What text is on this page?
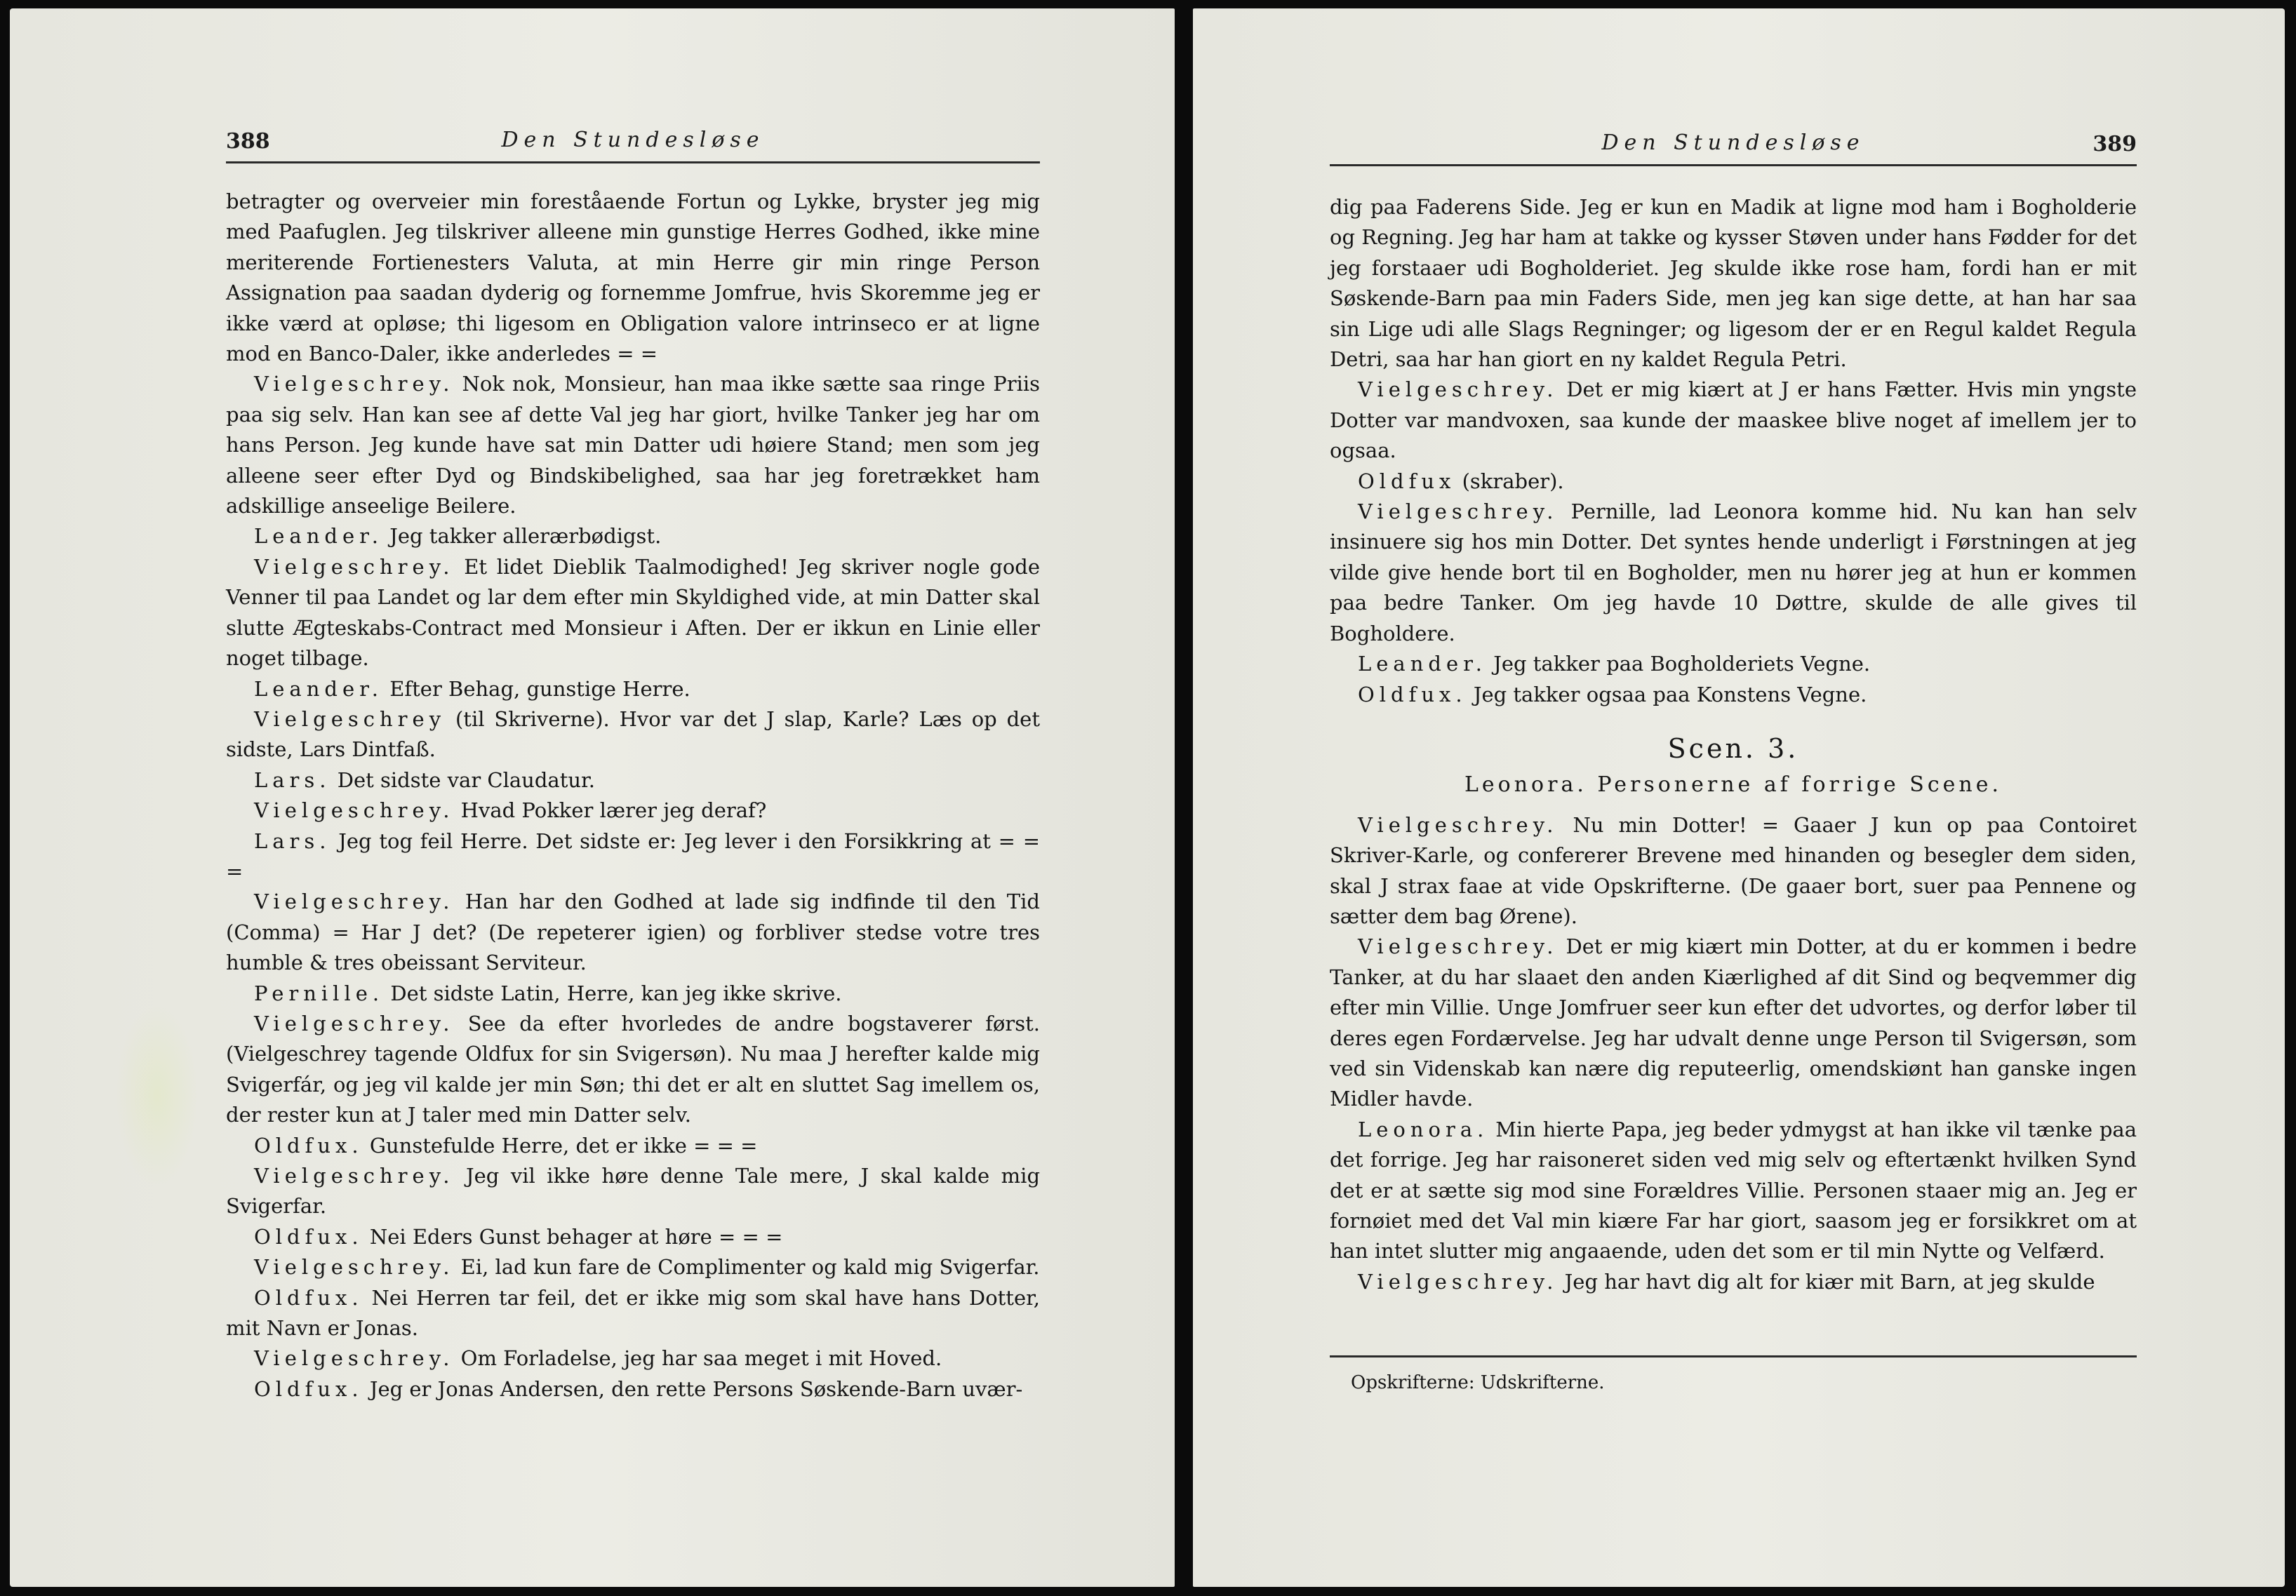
388	Den Stundesløse

betragter og overveier min foreståaende Fortun og Lykke, bryster jeg mig med Paafuglen. Jeg tilskriver alleene min gunstige Herres Godhed, ikke mine meriterende Fortienesters Valuta, at min Herre gir min ringe Person Assignation paa saadan dyderig og fornemme Jomfrue, hvis Skoremme jeg er ikke værd at opløse; thi ligesom en Obligation valore intrinseco er at ligne mod en Banco-Daler, ikke anderledes = =

Vielgeschrey. Nok nok, Monsieur, han maa ikke sætte saa ringe Priis paa sig selv. Han kan see af dette Val jeg har giort, hvilke Tanker jeg har om hans Person. Jeg kunde have sat min Datter udi høiere Stand; men som jeg alleene seer efter Dyd og Bindskibelighed, saa har jeg foretrækket ham adskillige anseelige Beilere.

Leander. Jeg takker allerærbødigst.

Vielgeschrey. Et lidet Dieblik Taalmodighed! Jeg skriver nogle gode Venner til paa Landet og lar dem efter min Skyldighed vide, at min Datter skal slutte Ægteskabs-Contract med Monsieur i Aften. Der er ikkun en Linie eller noget tilbage.

Leander. Efter Behag, gunstige Herre.

Vielgeschrey (til Skriverne). Hvor var det J slap, Karle? Læs op det sidste, Lars Dintfaß.

Lars. Det sidste var Claudatur.

Vielgeschrey. Hvad Pokker lærer jeg deraf?

Lars. Jeg tog feil Herre. Det sidste er: Jeg lever i den Forsikkring at = = =

Vielgeschrey. Han har den Godhed at lade sig indfinde til den Tid (Comma) = Har J det? (De repeterer igien) og forbliver stedse votre tres humble & tres obeissant Serviteur.

Pernille. Det sidste Latin, Herre, kan jeg ikke skrive.

Vielgeschrey. See da efter hvorledes de andre bogstaverer først. (Vielgeschrey tagende Oldfux for sin Svigersøn). Nu maa J herefter kalde mig Svigerfár, og jeg vil kalde jer min Søn; thi det er alt en sluttet Sag imellem os, der rester kun at J taler med min Datter selv.

Oldfux. Gunstefulde Herre, det er ikke = = =

Vielgeschrey. Jeg vil ikke høre denne Tale mere, J skal kalde mig Svigerfar.

Oldfux. Nei Eders Gunst behager at høre = = =

Vielgeschrey. Ei, lad kun fare de Complimenter og kald mig Svigerfar.

Oldfux. Nei Herren tar feil, det er ikke mig som skal have hans Dotter, mit Navn er Jonas.

Vielgeschrey. Om Forladelse, jeg har saa meget i mit Hoved.

Oldfux. Jeg er Jonas Andersen, den rette Persons Søskende-Barn uvær-

Den Stundesløse	389

dig paa Faderens Side. Jeg er kun en Madik at ligne mod ham i Bogholderie og Regning. Jeg har ham at takke og kysser Støven under hans Fødder for det jeg forstaaer udi Bogholderiet. Jeg skulde ikke rose ham, fordi han er mit Søskende-Barn paa min Faders Side, men jeg kan sige dette, at han har saa sin Lige udi alle Slags Regninger; og ligesom der er en Regul kaldet Regula Detri, saa har han giort en ny kaldet Regula Petri.

Vielgeschrey. Det er mig kiært at J er hans Fætter. Hvis min yngste Dotter var mandvoxen, saa kunde der maaskee blive noget af imellem jer to ogsaa.

Oldfux (skraber).

Vielgeschrey. Pernille, lad Leonora komme hid. Nu kan han selv insinuere sig hos min Dotter. Det syntes hende underligt i Førstningen at jeg vilde give hende bort til en Bogholder, men nu hører jeg at hun er kommen paa bedre Tanker. Om jeg havde 10 Døttre, skulde de alle gives til Bogholdere.

Leander. Jeg takker paa Bogholderiets Vegne.

Oldfux. Jeg takker ogsaa paa Konstens Vegne.

Scen. 3.
Leonora. Personerne af forrige Scene.

Vielgeschrey. Nu min Dotter! = Gaaer J kun op paa Contoiret Skriver-Karle, og confererer Brevene med hinanden og besegler dem siden, skal J strax faae at vide Opskrifterne. (De gaaer bort, suer paa Pennene og sætter dem bag Ørene).

Vielgeschrey. Det er mig kiært min Dotter, at du er kommen i bedre Tanker, at du har slaaet den anden Kiærlighed af dit Sind og beqvemmer dig efter min Villie. Unge Jomfruer seer kun efter det udvortes, og derfor løber til deres egen Fordærvelse. Jeg har udvalt denne unge Person til Svigersøn, som ved sin Videnskab kan nære dig reputeerlig, omendskiønt han ganske ingen Midler havde.

Leonora. Min hierte Papa, jeg beder ydmygst at han ikke vil tænke paa det forrige. Jeg har raisoneret siden ved mig selv og eftertænkt hvilken Synd det er at sætte sig mod sine Forældres Villie. Personen staaer mig an. Jeg er fornøiet med det Val min kiære Far har giort, saasom jeg er forsikkret om at han intet slutter mig angaaende, uden det som er til min Nytte og Velfærd.

Vielgeschrey. Jeg har havt dig alt for kiær mit Barn, at jeg skulde

Opskrifterne: Udskrifterne.
